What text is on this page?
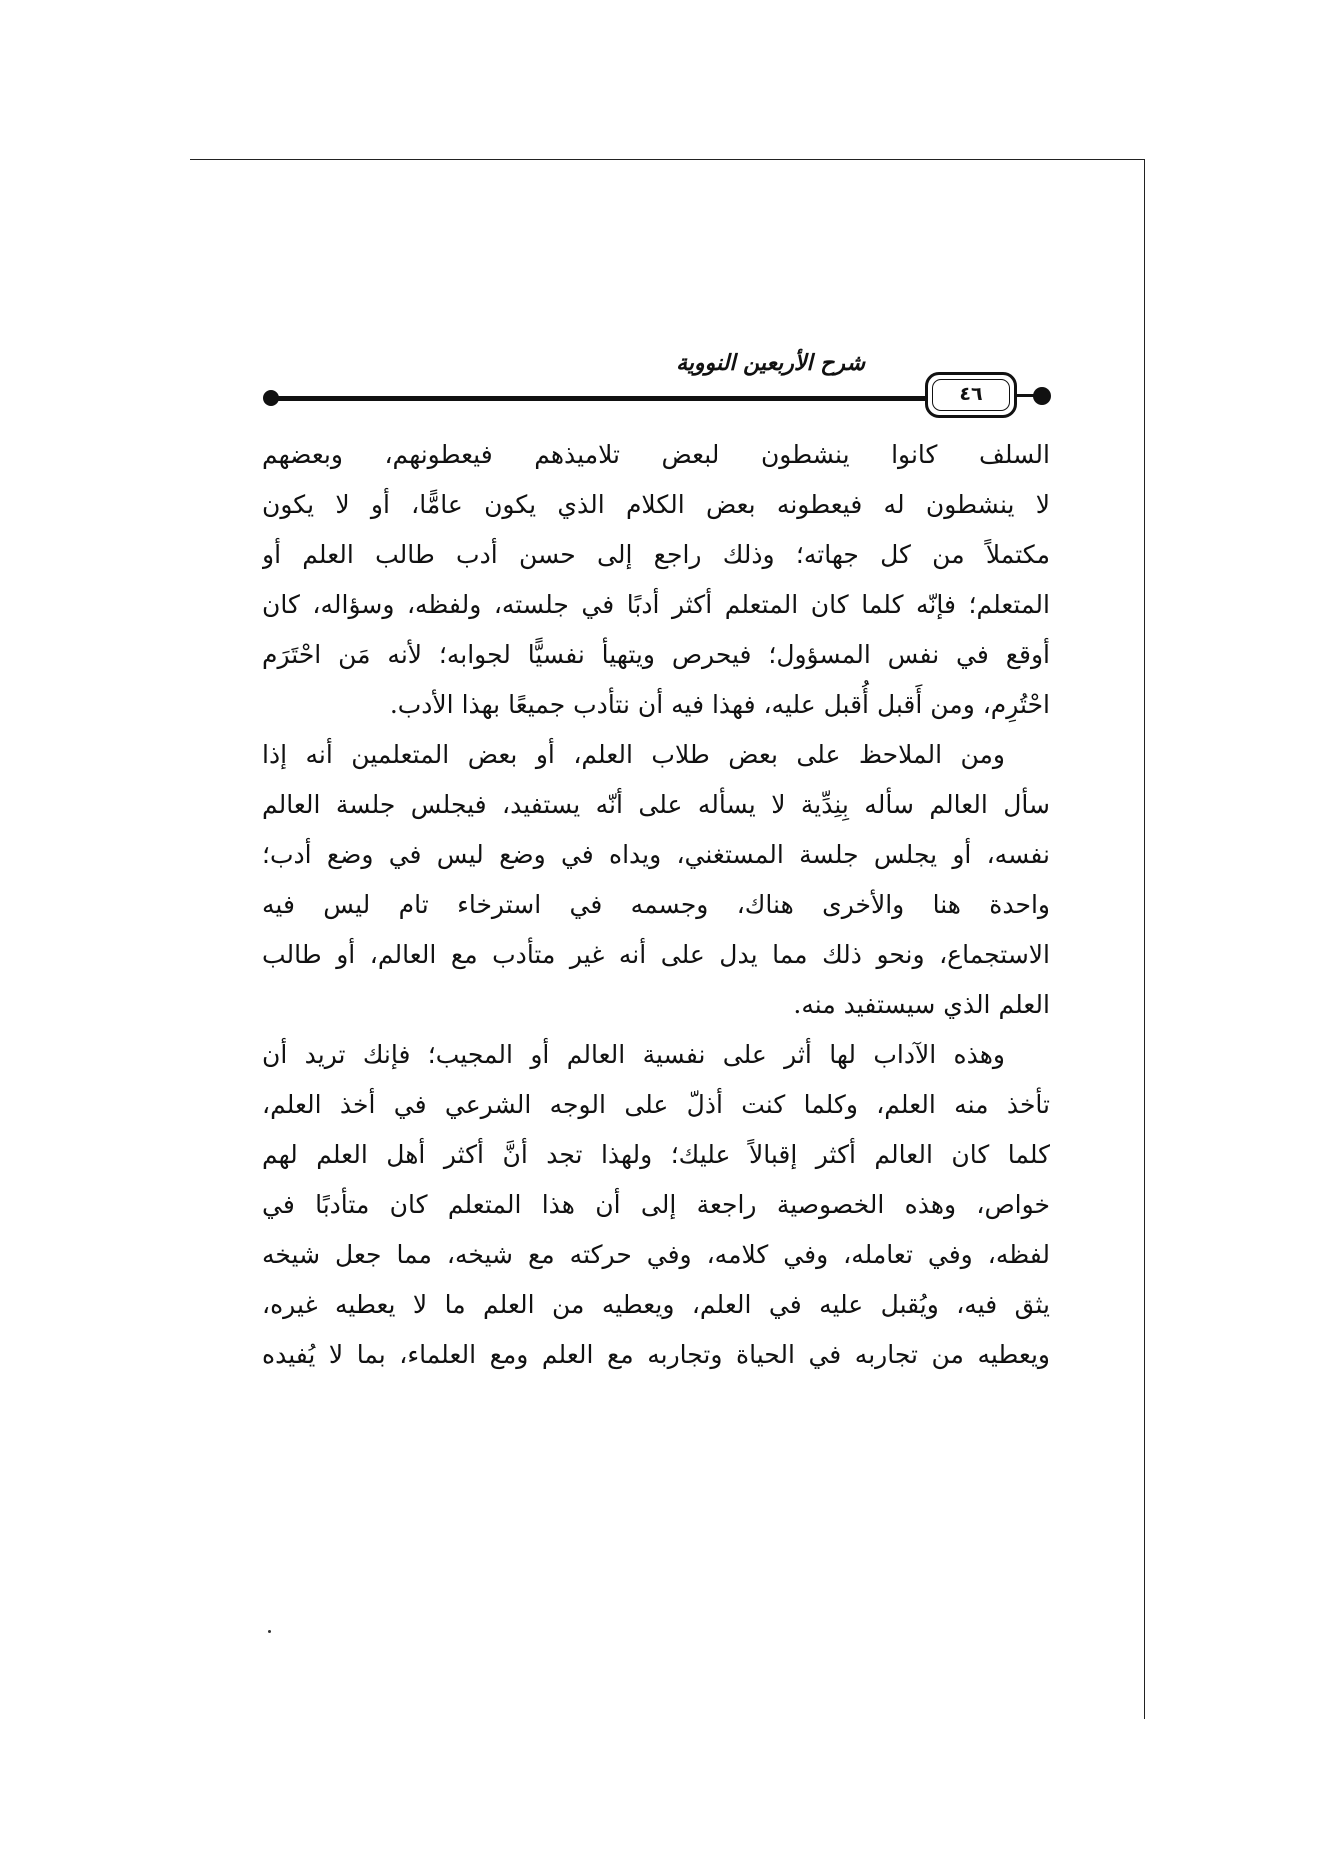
شرح الأربعين النووية
٤٦
السلف كانوا ينشطون لبعض تلاميذهم فيعطونهم، وبعضهم
لا ينشطون له فيعطونه بعض الكلام الذي يكون عامًّا، أو لا يكون
مكتملاً من كل جهاته؛ وذلك راجع إلى حسن أدب طالب العلم أو
المتعلم؛ فإنّه كلما كان المتعلم أكثر أدبًا في جلسته، ولفظه، وسؤاله، كان
أوقع في نفس المسؤول؛ فيحرص ويتهيأ نفسيًّا لجوابه؛ لأنه مَن احْتَرَم
احْتُرِم، ومن أَقبل أُقبل عليه، فهذا فيه أن نتأدب جميعًا بهذا الأدب.
ومن الملاحظ على بعض طلاب العلم، أو بعض المتعلمين أنه إذا
سأل العالم سأله بِنِدِّية لا يسأله على أنّه يستفيد، فيجلس جلسة العالم
نفسه، أو يجلس جلسة المستغني، ويداه في وضع ليس في وضع أدب؛
واحدة هنا والأخرى هناك، وجسمه في استرخاء تام ليس فيه
الاستجماع، ونحو ذلك مما يدل على أنه غير متأدب مع العالم، أو طالب
العلم الذي سيستفيد منه.
وهذه الآداب لها أثر على نفسية العالم أو المجيب؛ فإنك تريد أن
تأخذ منه العلم، وكلما كنت أذلّ على الوجه الشرعي في أخذ العلم،
كلما كان العالم أكثر إقبالاً عليك؛ ولهذا تجد أنَّ أكثر أهل العلم لهم
خواص، وهذه الخصوصية راجعة إلى أن هذا المتعلم كان متأدبًا في
لفظه، وفي تعامله، وفي كلامه، وفي حركته مع شيخه، مما جعل شيخه
يثق فيه، ويُقبل عليه في العلم، ويعطيه من العلم ما لا يعطيه غيره،
ويعطيه من تجاربه في الحياة وتجاربه مع العلم ومع العلماء، بما لا يُفيده
